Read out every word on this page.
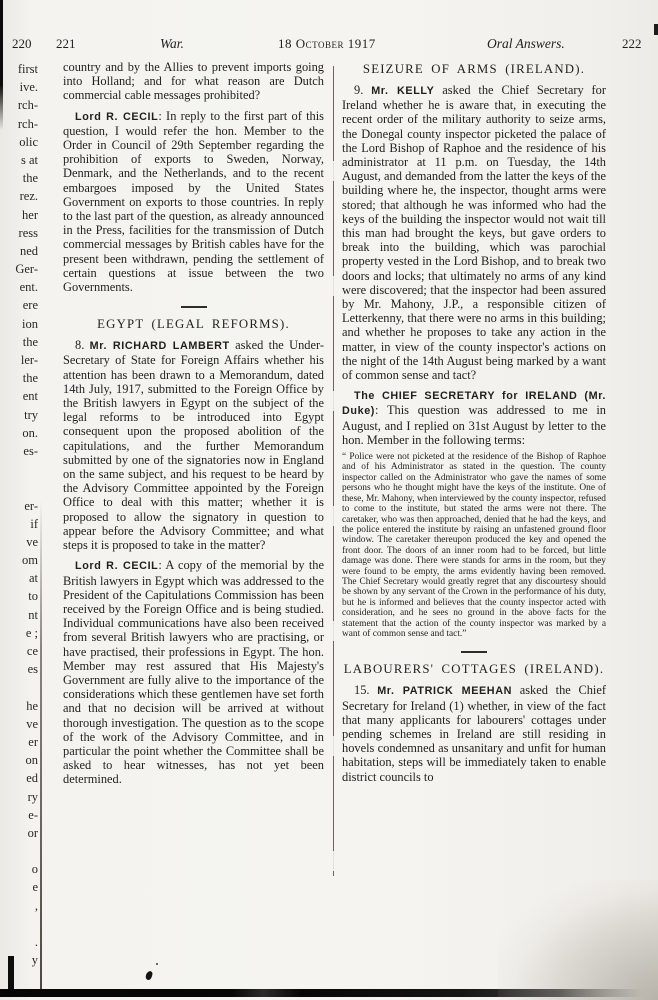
220 221	War.	18 October 1917	Oral Answers.	222
first
ive.
rch-
rch-
olic
s at
the
rez.
her
ress
ned
Ger-
ent.
ere
ion
the
ler-
the
ent
try
on.
es-

er-
if
ve
om
at
to
nt
e ;
ce
es

he
ve
er
on
ed
ry
e-
or

o
e
,

.
y

country and by the Allies to prevent imports going into Holland; and for what reason are Dutch commercial cable messages prohibited?

Lord R. CECIL: In reply to the first part of this question, I would refer the hon. Member to the Order in Council of 29th September regarding the prohibition of exports to Sweden, Norway, Denmark, and the Netherlands, and to the recent embargoes imposed by the United States Government on exports to those countries. In reply to the last part of the question, as already announced in the Press, facilities for the transmission of Dutch commercial messages by British cables have for the present been withdrawn, pending the settlement of certain questions at issue between the two Governments.

EGYPT (LEGAL REFORMS).

8. Mr. RICHARD LAMBERT asked the Under-Secretary of State for Foreign Affairs whether his attention has been drawn to a Memorandum, dated 14th July, 1917, submitted to the Foreign Office by the British lawyers in Egypt on the subject of the legal reforms to be introduced into Egypt consequent upon the proposed abolition of the capitulations, and the further Memorandum submitted by one of the signatories now in England on the same subject, and his request to be heard by the Advisory Committee appointed by the Foreign Office to deal with this matter; whether it is proposed to allow the signatory in question to appear before the Advisory Committee; and what steps it is proposed to take in the matter?

Lord R. CECIL: A copy of the memorial by the British lawyers in Egypt which was addressed to the President of the Capitulations Commission has been received by the Foreign Office and is being studied. Individual communications have also been received from several British lawyers who are practising, or have practised, their professions in Egypt. The hon. Member may rest assured that His Majesty's Government are fully alive to the importance of the considerations which these gentlemen have set forth and that no decision will be arrived at without thorough investigation. The question as to the scope of the work of the Advisory Committee, and in particular the point whether the Committee shall be asked to hear witnesses, has not yet been determined.

SEIZURE OF ARMS (IRELAND).

9. Mr. KELLY asked the Chief Secretary for Ireland whether he is aware that, in executing the recent order of the military authority to seize arms, the Donegal county inspector picketed the palace of the Lord Bishop of Raphoe and the residence of his administrator at 11 p.m. on Tuesday, the 14th August, and demanded from the latter the keys of the building where he, the inspector, thought arms were stored; that although he was informed who had the keys of the building the inspector would not wait till this man had brought the keys, but gave orders to break into the building, which was parochial property vested in the Lord Bishop, and to break two doors and locks; that ultimately no arms of any kind were discovered; that the inspector had been assured by Mr. Mahony, J.P., a responsible citizen of Letterkenny, that there were no arms in this building; and whether he proposes to take any action in the matter, in view of the county inspector's actions on the night of the 14th August being marked by a want of common sense and tact?

The CHIEF SECRETARY for IRELAND (Mr. Duke): This question was addressed to me in August, and I replied on 31st August by letter to the hon. Member in the following terms:

“ Police were not picketed at the residence of the Bishop of Raphoe and of his Administrator as stated in the question. The county inspector called on the Administrator who gave the names of some persons who he thought might have the keys of the institute. One of these, Mr. Mahony, when interviewed by the county inspector, refused to come to the institute, but stated the arms were not there. The caretaker, who was then approached, denied that he had the keys, and the police entered the institute by raising an unfastened ground floor window. The caretaker thereupon produced the key and opened the front door. The doors of an inner room had to be forced, but little damage was done. There were stands for arms in the room, but they were found to be empty, the arms evidently having been removed. The Chief Secretary would greatly regret that any discourtesy should be shown by any servant of the Crown in the performance of his duty, but he is informed and believes that the county inspector acted with consideration, and he sees no ground in the above facts for the statement that the action of the county inspector was marked by a want of common sense and tact.”

LABOURERS' COTTAGES (IRELAND).

15. Mr. PATRICK MEEHAN asked the Chief Secretary for Ireland (1) whether, in view of the fact that many applicants for labourers' cottages under pending schemes in Ireland are still residing in hovels condemned as unsanitary and unfit for human habitation, steps will be immediately taken to enable district councils to
